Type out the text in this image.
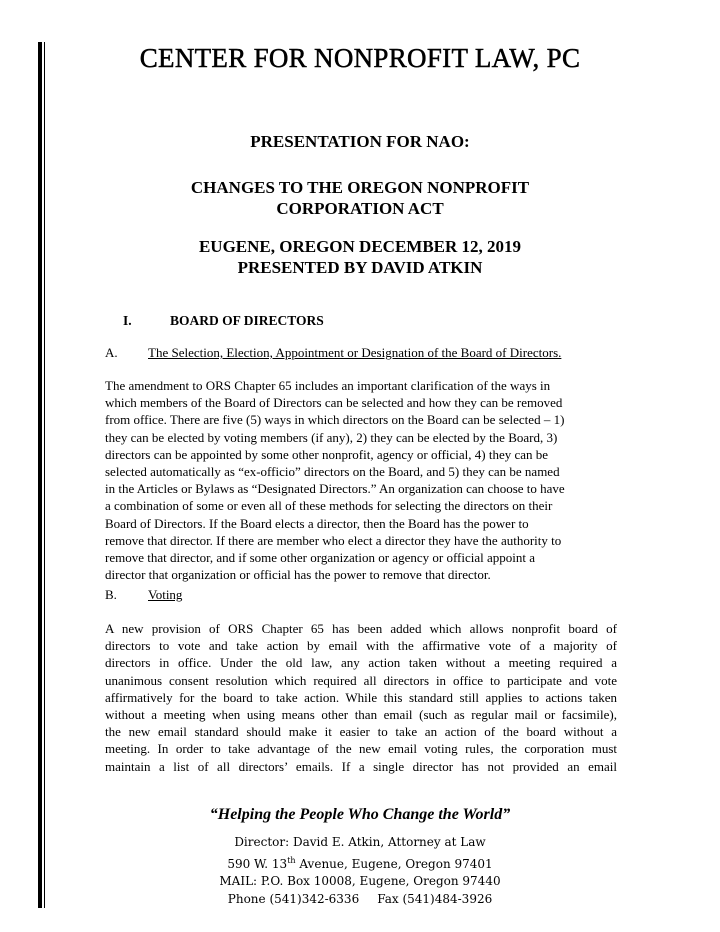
CENTER FOR NONPROFIT LAW, PC
PRESENTATION FOR NAO:
CHANGES TO THE OREGON NONPROFIT
CORPORATION ACT
EUGENE, OREGON DECEMBER 12, 2019
PRESENTED BY DAVID ATKIN
I.	BOARD OF DIRECTORS
A. The Selection, Election, Appointment or Designation of the Board of Directors.

The amendment to ORS Chapter 65 includes an important clarification of the ways in
which members of the Board of Directors can be selected and how they can be removed
from office. There are five (5) ways in which directors on the Board can be selected – 1)
they can be elected by voting members (if any), 2) they can be elected by the Board, 3)
directors can be appointed by some other nonprofit, agency or official, 4) they can be
selected automatically as “ex-officio” directors on the Board, and 5) they can be named
in the Articles or Bylaws as “Designated Directors.” An organization can choose to have
a combination of some or even all of these methods for selecting the directors on their
Board of Directors. If the Board elects a director, then the Board has the power to
remove that director. If there are member who elect a director they have the authority to
remove that director, and if some other organization or agency or official appoint a
director that organization or official has the power to remove that director.

B. Voting

A new provision of ORS Chapter 65 has been added which allows nonprofit board of
directors to vote and take action by email with the affirmative vote of a majority of
directors in office. Under the old law, any action taken without a meeting required a
unanimous consent resolution which required all directors in office to participate and vote
affirmatively for the board to take action. While this standard still applies to actions taken
without a meeting when using means other than email (such as regular mail or facsimile),
the new email standard should make it easier to take an action of the board without a
meeting. In order to take advantage of the new email voting rules, the corporation must
maintain a list of all directors’ emails. If a single director has not provided an email

“Helping the People Who Change the World”
Director: David E. Atkin, Attorney at Law
590 W. 13th Avenue, Eugene, Oregon 97401
MAIL: P.O. Box 10008, Eugene, Oregon 97440
Phone (541)342-6336 Fax (541)484-3926
